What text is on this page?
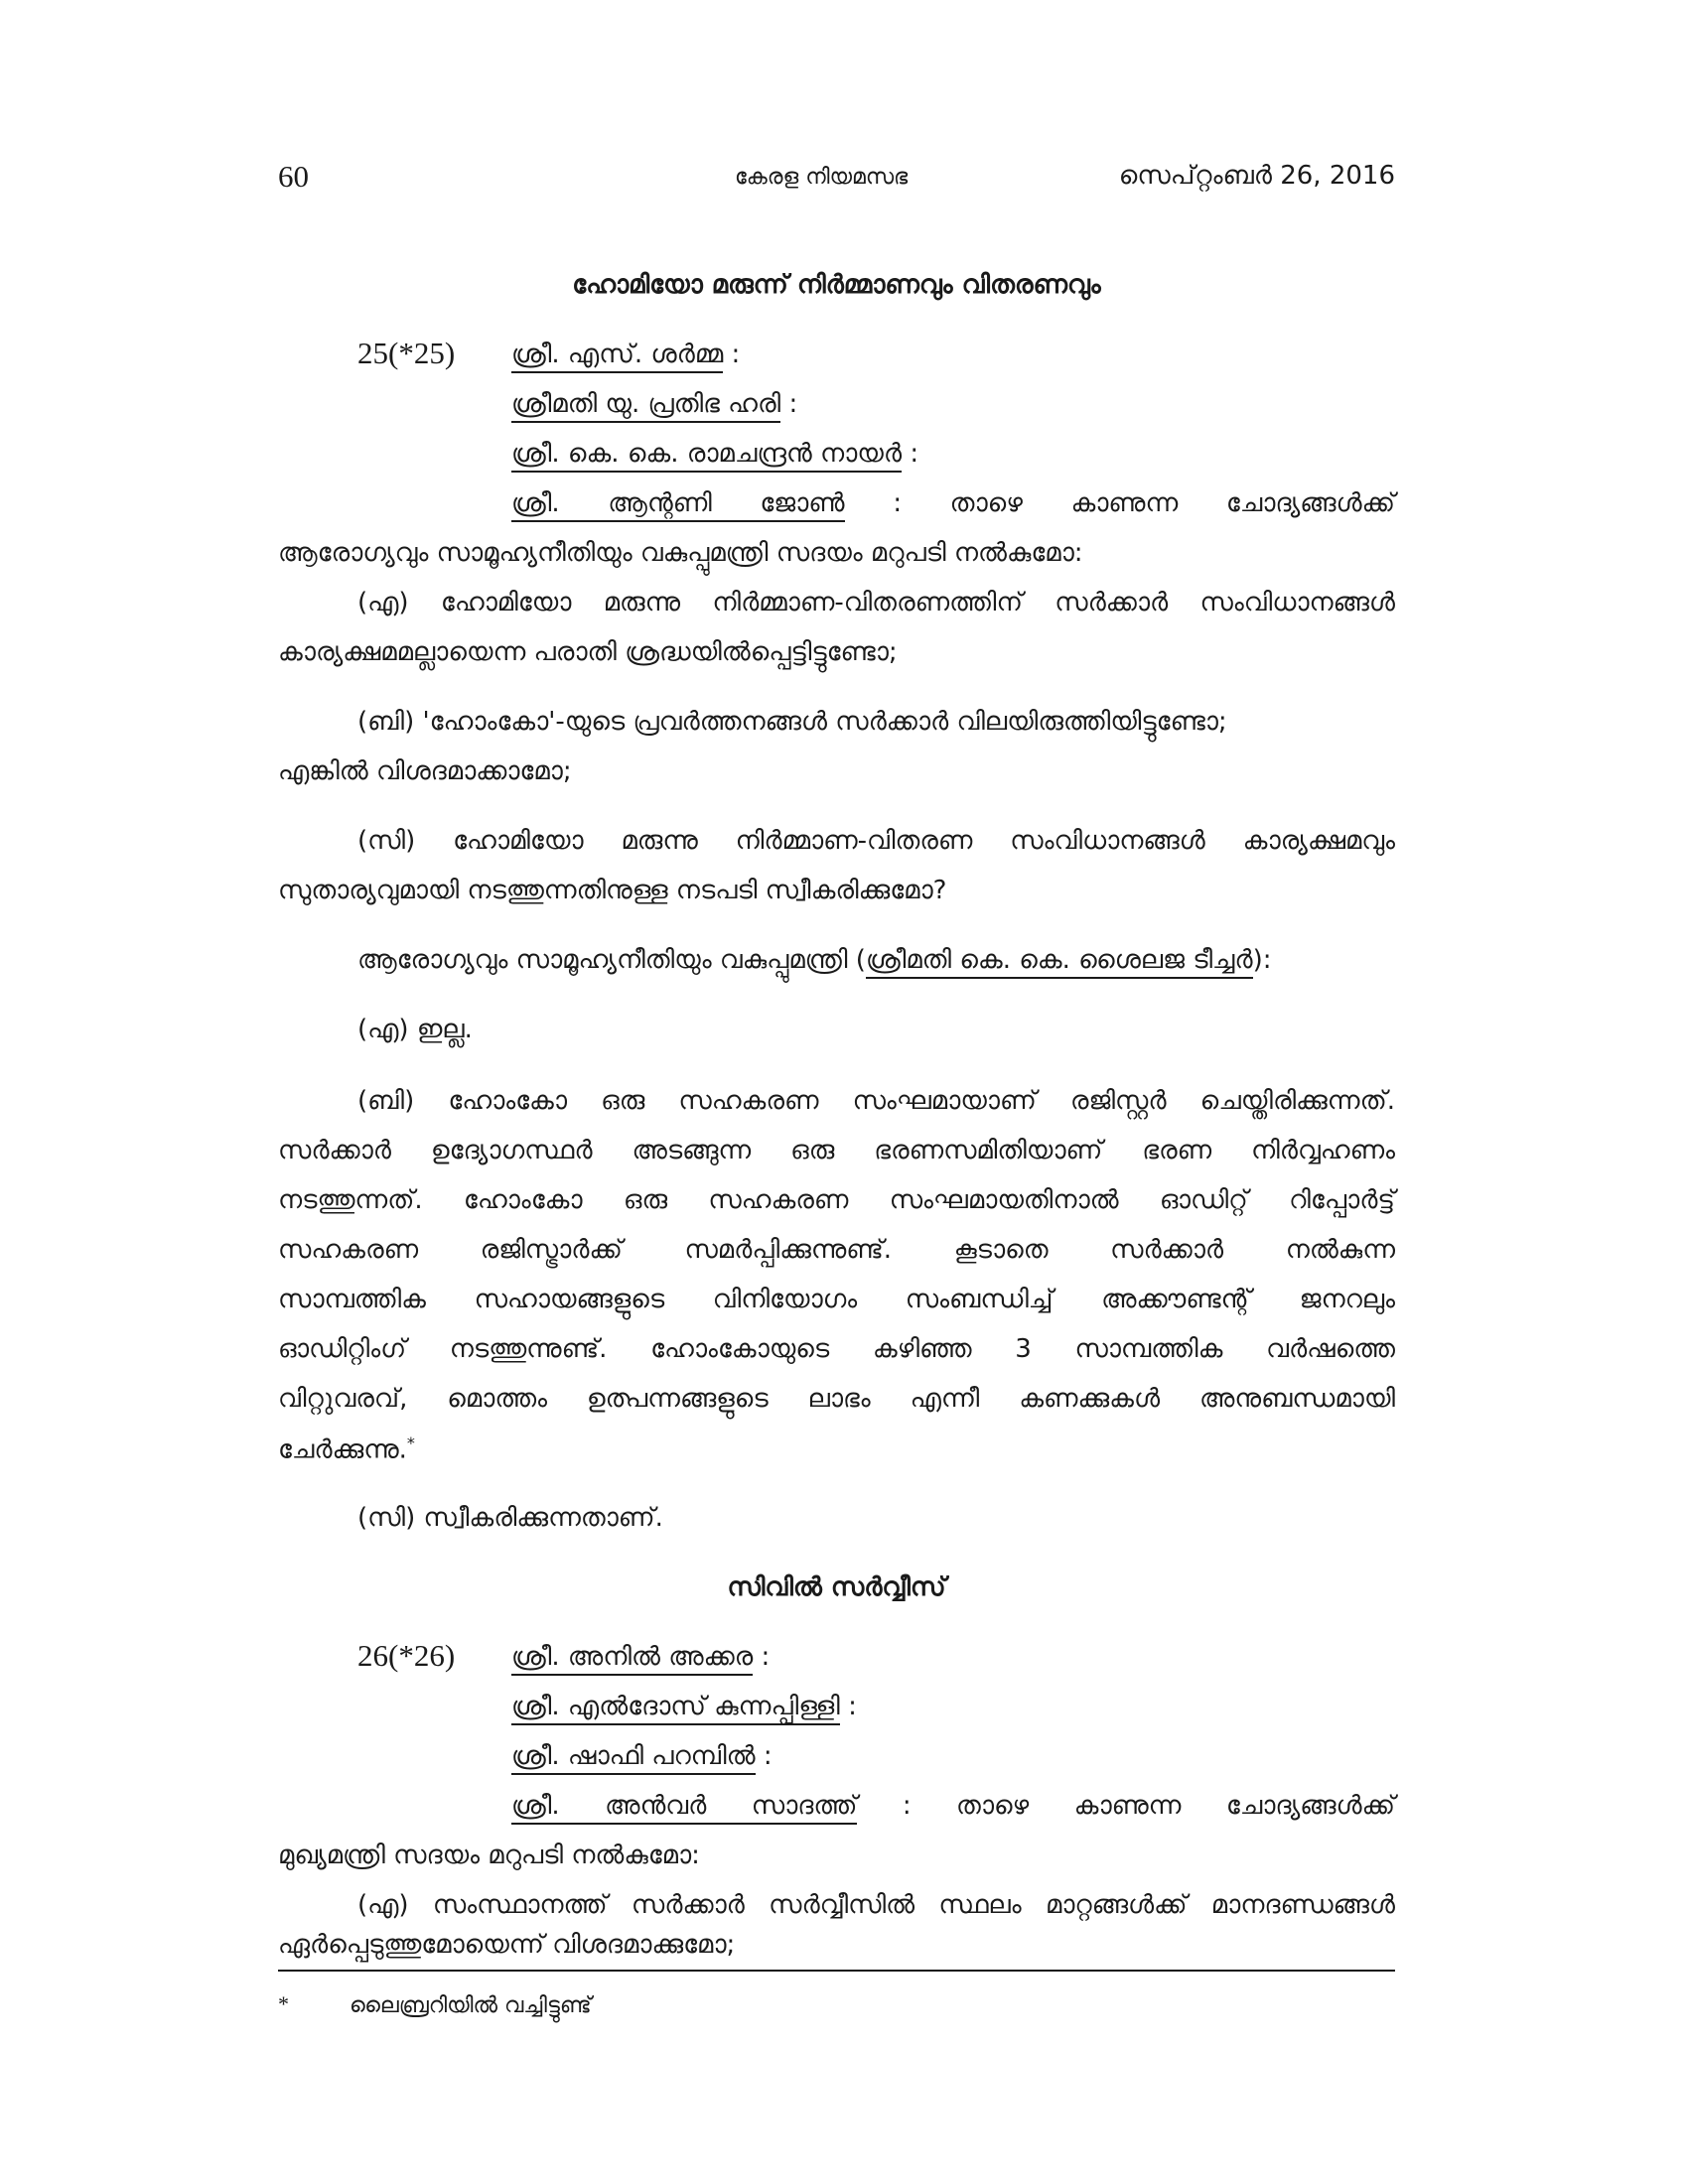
60	കേരള നിയമസഭ	സെപ്റ്റംബർ 26, 2016
ഹോമിയോ മരുന്ന് നിർമ്മാണവും വിതരണവും
25(*25) ശ്രീ. എസ്. ശർമ്മ :
ശ്രീമതി യു. പ്രതിഭ ഹരി :
ശ്രീ. കെ. കെ. രാമചന്ദ്രൻ നായർ :
ശ്രീ. ആന്റണി ജോൺ : താഴെ കാണുന്ന ചോദ്യങ്ങൾക്ക്
ആരോഗ്യവും സാമൂഹ്യനീതിയും വകുപ്പുമന്ത്രി സദയം മറുപടി നൽകുമോ:
(എ) ഹോമിയോ മരുന്നു നിർമ്മാണ-വിതരണത്തിന് സർക്കാർ സംവിധാനങ്ങൾ
കാര്യക്ഷമമല്ലായെന്ന പരാതി ശ്രദ്ധയിൽപ്പെട്ടിട്ടുണ്ടോ;
(ബി) 'ഹോംകോ'-യുടെ പ്രവർത്തനങ്ങൾ സർക്കാർ വിലയിരുത്തിയിട്ടുണ്ടോ;
എങ്കിൽ വിശദമാക്കാമോ;
(സി) ഹോമിയോ മരുന്നു നിർമ്മാണ-വിതരണ സംവിധാനങ്ങൾ കാര്യക്ഷമവും
സുതാര്യവുമായി നടത്തുന്നതിനുള്ള നടപടി സ്വീകരിക്കുമോ?
ആരോഗ്യവും സാമൂഹ്യനീതിയും വകുപ്പുമന്ത്രി (ശ്രീമതി കെ. കെ. ശൈലജ ടീച്ചർ):
(എ) ഇല്ല.
(ബി) ഹോംകോ ഒരു സഹകരണ സംഘമായാണ് രജിസ്റ്റർ ചെയ്തിരിക്കുന്നത്.
സർക്കാർ ഉദ്യോഗസ്ഥർ അടങ്ങുന്ന ഒരു ഭരണസമിതിയാണ് ഭരണ നിർവ്വഹണം
നടത്തുന്നത്. ഹോംകോ ഒരു സഹകരണ സംഘമായതിനാൽ ഓഡിറ്റ് റിപ്പോർട്ട്
സഹകരണ രജിസ്ട്രാർക്ക് സമർപ്പിക്കുന്നുണ്ട്. കൂടാതെ സർക്കാർ നൽകുന്ന
സാമ്പത്തിക സഹായങ്ങളുടെ വിനിയോഗം സംബന്ധിച്ച് അക്കൗണ്ടന്റ് ജനറലും
ഓഡിറ്റിംഗ് നടത്തുന്നുണ്ട്. ഹോംകോയുടെ കഴിഞ്ഞ 3 സാമ്പത്തിക വർഷത്തെ
വിറ്റുവരവ്, മൊത്തം ഉത്പന്നങ്ങളുടെ ലാഭം എന്നീ കണക്കുകൾ അനുബന്ധമായി
ചേർക്കുന്നു.*
(സി) സ്വീകരിക്കുന്നതാണ്.
സിവിൽ സർവ്വീസ്
26(*26) ശ്രീ. അനിൽ അക്കര :
ശ്രീ. എൽദോസ് കുന്നപ്പിള്ളി :
ശ്രീ. ഷാഫി പറമ്പിൽ :
ശ്രീ. അൻവർ സാദത്ത് : താഴെ കാണുന്ന ചോദ്യങ്ങൾക്ക്
മുഖ്യമന്ത്രി സദയം മറുപടി നൽകുമോ:
(എ) സംസ്ഥാനത്ത് സർക്കാർ സർവ്വീസിൽ സ്ഥലം മാറ്റങ്ങൾക്ക് മാനദണ്ഡങ്ങൾ
ഏർപ്പെടുത്തുമോയെന്ന് വിശദമാക്കുമോ;
*	ലൈബ്രറിയിൽ വച്ചിട്ടുണ്ട്
